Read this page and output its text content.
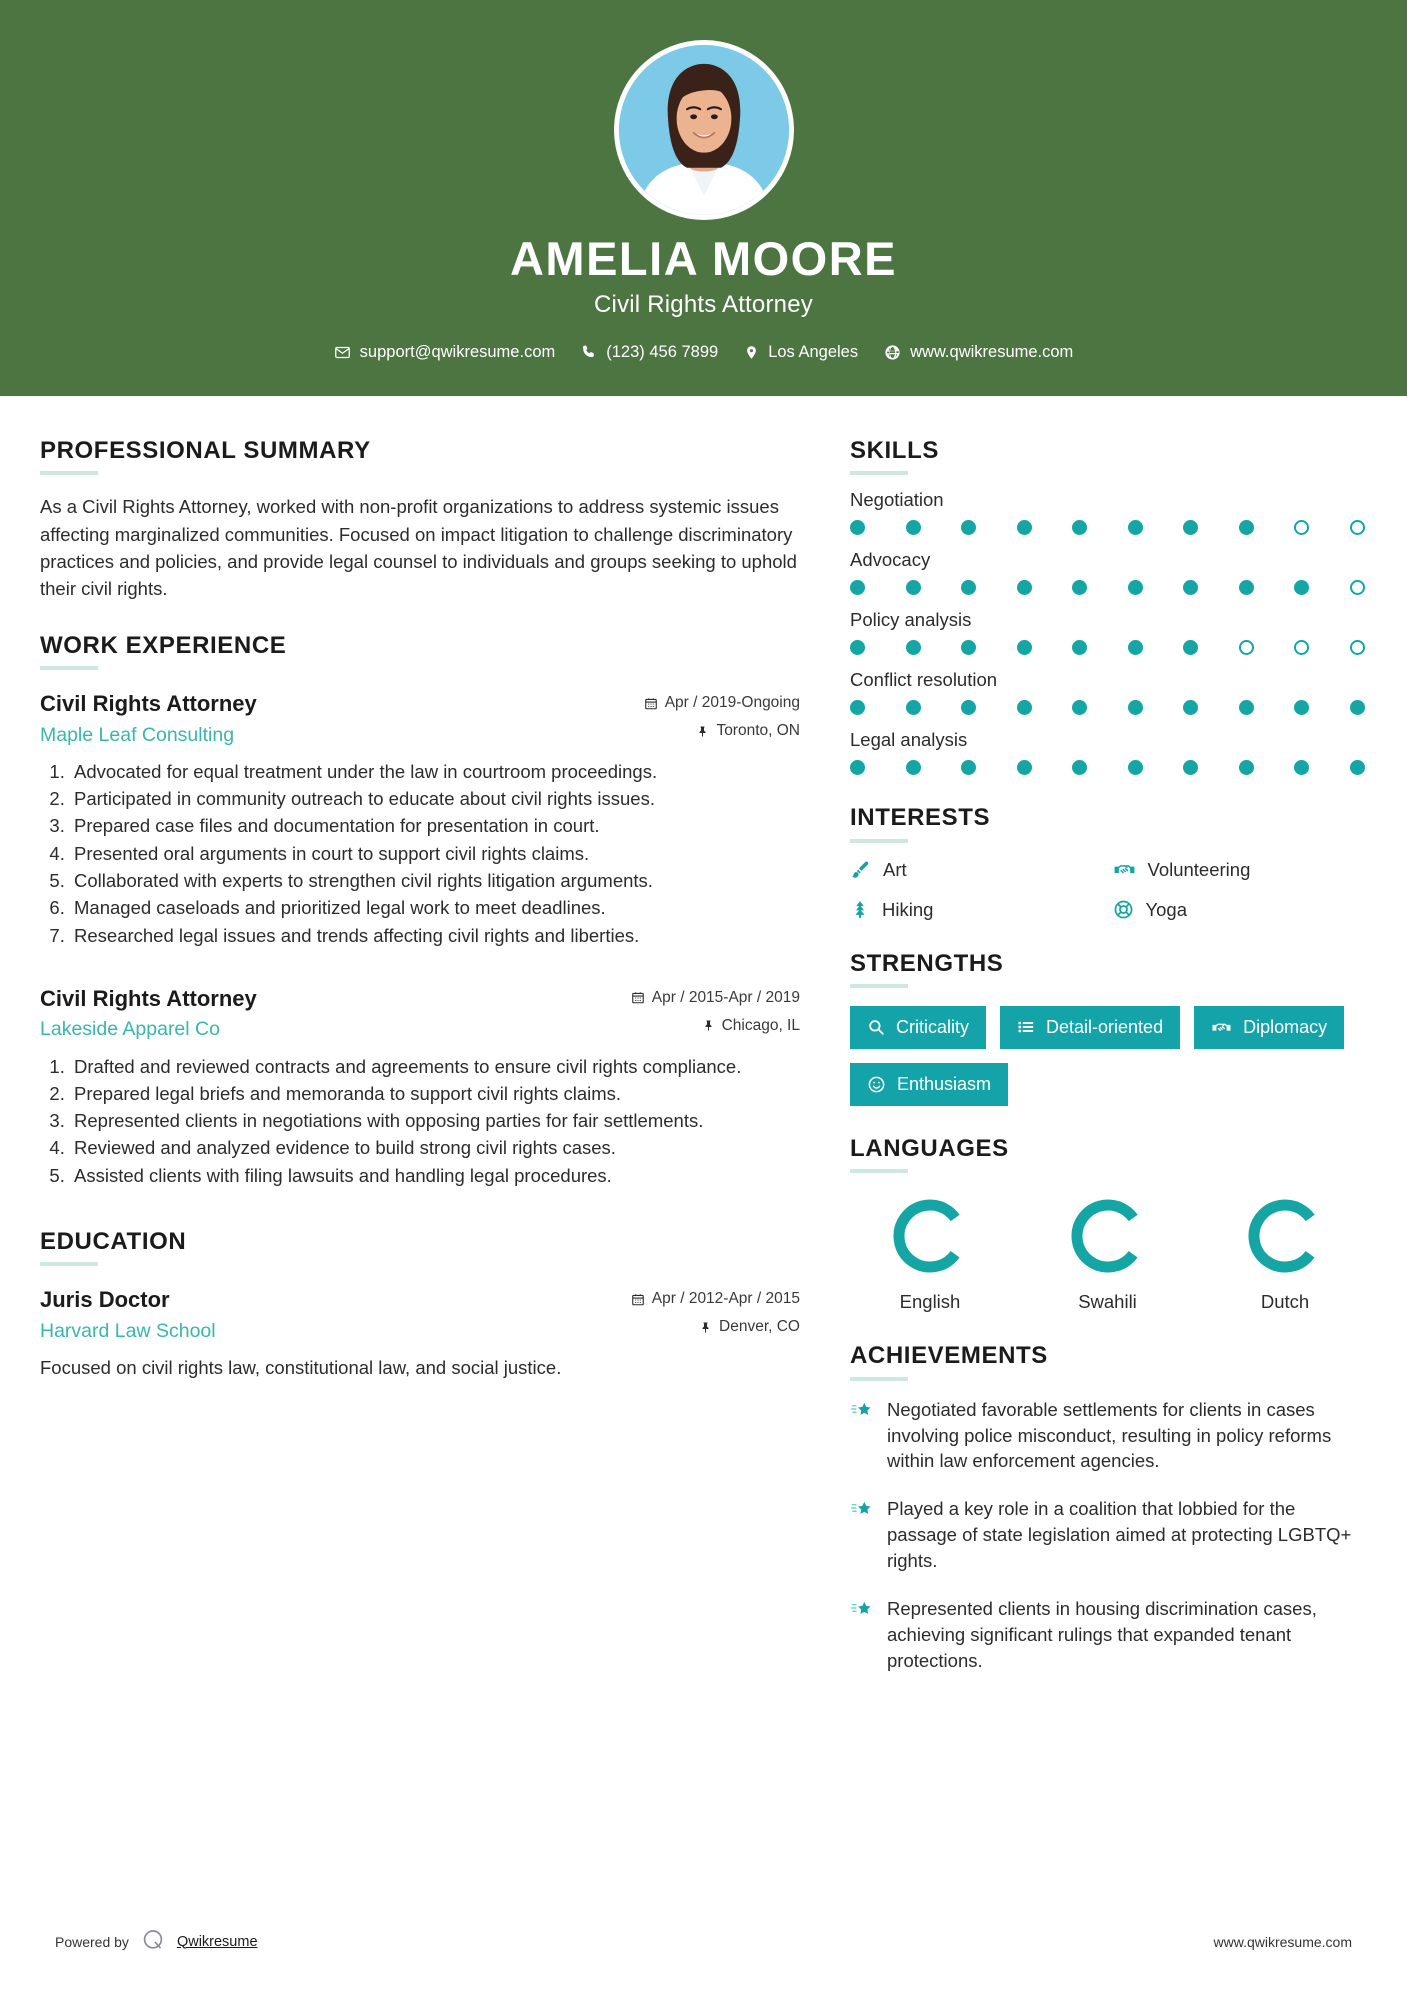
AMELIA MOORE
Civil Rights Attorney
support@qwikresume.com	(123) 456 7899	Los Angeles	www.qwikresume.com
PROFESSIONAL SUMMARY

As a Civil Rights Attorney, worked with non-profit organizations to address systemic issues affecting marginalized communities. Focused on impact litigation to challenge discriminatory practices and policies, and provide legal counsel to individuals and groups seeking to uphold their civil rights.

WORK EXPERIENCE
Civil Rights Attorney
Maple Leaf Consulting
Apr / 2019-Ongoing
Toronto, ON
1. Advocated for equal treatment under the law in courtroom proceedings.
2. Participated in community outreach to educate about civil rights issues.
3. Prepared case files and documentation for presentation in court.
4. Presented oral arguments in court to support civil rights claims.
5. Collaborated with experts to strengthen civil rights litigation arguments.
6. Managed caseloads and prioritized legal work to meet deadlines.
7. Researched legal issues and trends affecting civil rights and liberties.
Civil Rights Attorney
Lakeside Apparel Co
Apr / 2015-Apr / 2019
Chicago, IL
1. Drafted and reviewed contracts and agreements to ensure civil rights compliance.
2. Prepared legal briefs and memoranda to support civil rights claims.
3. Represented clients in negotiations with opposing parties for fair settlements.
4. Reviewed and analyzed evidence to build strong civil rights cases.
5. Assisted clients with filing lawsuits and handling legal procedures.
EDUCATION
Juris Doctor
Harvard Law School
Apr / 2012-Apr / 2015
Denver, CO

Focused on civil rights law, constitutional law, and social justice.

SKILLS
Negotiation
Advocacy
Policy analysis
Conflict resolution
Legal analysis
INTERESTS
Art	Volunteering
Hiking	Yoga
STRENGTHS
Criticality	Detail-oriented	Diplomacy
Enthusiasm
LANGUAGES
English	Swahili	Dutch
ACHIEVEMENTS
Negotiated favorable settlements for clients in cases involving police misconduct, resulting in policy reforms within law enforcement agencies.
Played a key role in a coalition that lobbied for the passage of state legislation aimed at protecting LGBTQ+ rights.
Represented clients in housing discrimination cases, achieving significant rulings that expanded tenant protections.
Powered by	Qwikresume	www.qwikresume.com
